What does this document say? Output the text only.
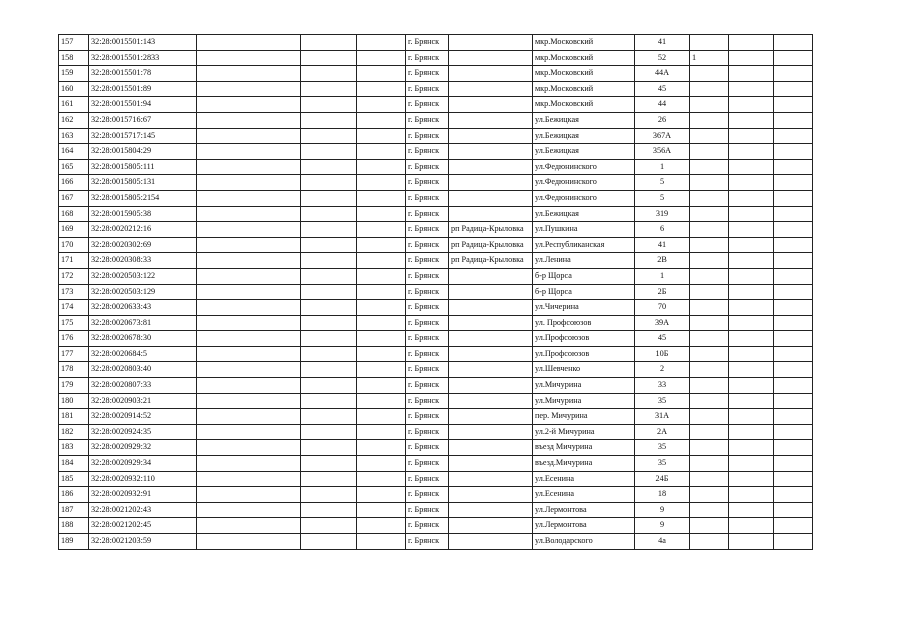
157	32:28:0015501:143				г. Брянск		мкр.Московский	41			
158	32:28:0015501:2833				г. Брянск		мкр.Московский	52	1		
159	32:28:0015501:78				г. Брянск		мкр.Московский	44А			
160	32:28:0015501:89				г. Брянск		мкр.Московский	45			
161	32:28:0015501:94				г. Брянск		мкр.Московский	44			
162	32:28:0015716:67				г. Брянск		ул.Бежицкая	26			
163	32:28:0015717:145				г. Брянск		ул.Бежицкая	367А			
164	32:28:0015804:29				г. Брянск		ул.Бежицкая	356А			
165	32:28:0015805:111				г. Брянск		ул.Федюнинского	1			
166	32:28:0015805:131				г. Брянск		ул.Федюнинского	5			
167	32:28:0015805:2154				г. Брянск		ул.Федюнинского	5			
168	32:28:0015905:38				г. Брянск		ул.Бежицкая	319			
169	32:28:0020212:16				г. Брянск	рп Радица-Крыловка	ул.Пушкина	6			
170	32:28:0020302:69				г. Брянск	рп Радица-Крыловка	ул.Республиканская	41			
171	32:28:0020308:33				г. Брянск	рп Радица-Крыловка	ул.Ленина	2В			
172	32:28:0020503:122				г. Брянск		б-р Щорса	1			
173	32:28:0020503:129				г. Брянск		б-р Щорса	2Б			
174	32:28:0020633:43				г. Брянск		ул.Чичерина	70			
175	32:28:0020673:81				г. Брянск		ул. Профсоюзов	39А			
176	32:28:0020678:30				г. Брянск		ул.Профсоюзов	45			
177	32:28:0020684:5				г. Брянск		ул.Профсоюзов	10Б			
178	32:28:0020803:40				г. Брянск		ул.Шевченко	2			
179	32:28:0020807:33				г. Брянск		ул.Мичурина	33			
180	32:28:0020903:21				г. Брянск		ул.Мичурина	35			
181	32:28:0020914:52				г. Брянск		пер. Мичурина	31А			
182	32:28:0020924:35				г. Брянск		ул.2-й Мичурина	2А			
183	32:28:0020929:32				г. Брянск		въезд Мичурина	35			
184	32:28:0020929:34				г. Брянск		въезд.Мичурина	35			
185	32:28:0020932:110				г. Брянск		ул.Есенина	24Б			
186	32:28:0020932:91				г. Брянск		ул.Есенина	18			
187	32:28:0021202:43				г. Брянск		ул.Лермонтова	9			
188	32:28:0021202:45				г. Брянск		ул.Лермонтова	9			
189	32:28:0021203:59				г. Брянск		ул.Володарского	4а			
